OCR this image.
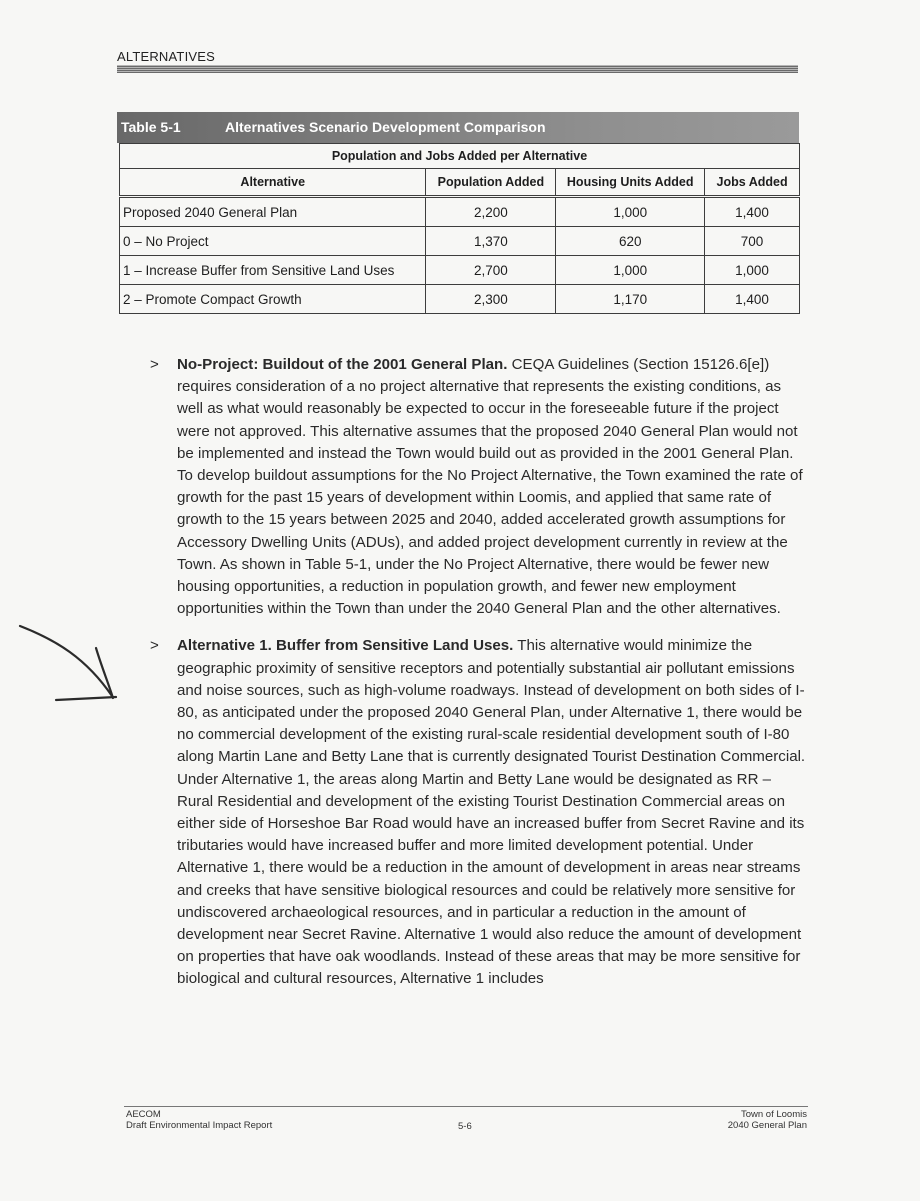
ALTERNATIVES
Table 5-1	Alternatives Scenario Development Comparison
Population and Jobs Added per Alternative			
Alternative	Population Added	Housing Units Added	Jobs Added
Proposed 2040 General Plan	2,200	1,000	1,400
0 – No Project	1,370	620	700
1 – Increase Buffer from Sensitive Land Uses	2,700	1,000	1,000
2 – Promote Compact Growth	2,300	1,170	1,400
> No-Project: Buildout of the 2001 General Plan. CEQA Guidelines (Section 15126.6[e]) requires consideration of a no project alternative that represents the existing conditions, as well as what would reasonably be expected to occur in the foreseeable future if the project were not approved. This alternative assumes that the proposed 2040 General Plan would not be implemented and instead the Town would build out as provided in the 2001 General Plan. To develop buildout assumptions for the No Project Alternative, the Town examined the rate of growth for the past 15 years of development within Loomis, and applied that same rate of growth to the 15 years between 2025 and 2040, added accelerated growth assumptions for Accessory Dwelling Units (ADUs), and added project development currently in review at the Town. As shown in Table 5-1, under the No Project Alternative, there would be fewer new housing opportunities, a reduction in population growth, and fewer new employment opportunities within the Town than under the 2040 General Plan and the other alternatives.
> Alternative 1. Buffer from Sensitive Land Uses. This alternative would minimize the geographic proximity of sensitive receptors and potentially substantial air pollutant emissions and noise sources, such as high-volume roadways. Instead of development on both sides of I-80, as anticipated under the proposed 2040 General Plan, under Alternative 1, there would be no commercial development of the existing rural-scale residential development south of I-80 along Martin Lane and Betty Lane that is currently designated Tourist Destination Commercial. Under Alternative 1, the areas along Martin and Betty Lane would be designated as RR – Rural Residential and development of the existing Tourist Destination Commercial areas on either side of Horseshoe Bar Road would have an increased buffer from Secret Ravine and its tributaries would have increased buffer and more limited development potential. Under Alternative 1, there would be a reduction in the amount of development in areas near streams and creeks that have sensitive biological resources and could be relatively more sensitive for undiscovered archaeological resources, and in particular a reduction in the amount of development near Secret Ravine. Alternative 1 would also reduce the amount of development on properties that have oak woodlands. Instead of these areas that may be more sensitive for biological and cultural resources, Alternative 1 includes
AECOM
Draft Environmental Impact Report	5-6
Town of Loomis
2040 General Plan
